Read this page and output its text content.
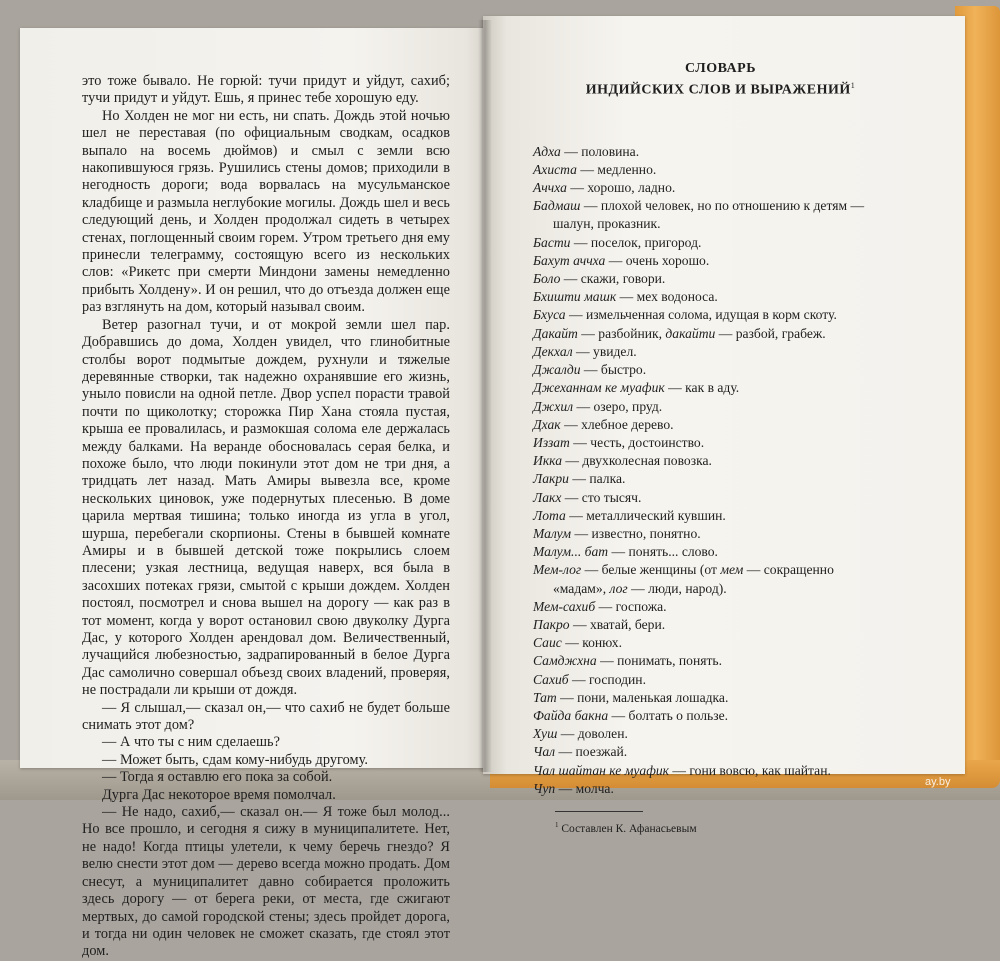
это тоже бывало. Не горюй: тучи придут и уйдут, сахиб; тучи придут и уйдут. Ешь, я принес тебе хорошую еду.

Но Холден не мог ни есть, ни спать. Дождь этой ночью шел не переставая (по официальным сводкам, осадков выпало на восемь дюймов) и смыл с земли всю накопившуюся грязь. Рушились стены домов; приходили в негодность дороги; вода ворвалась на мусульманское кладбище и размыла неглубокие могилы. Дождь шел и весь следующий день, и Холден продолжал сидеть в четырех стенах, поглощенный своим горем. Утром третьего дня ему принесли телеграмму, состоящую всего из нескольких слов: «Рикетс при смерти Миндони замены немедленно прибыть Холдену». И он решил, что до отъезда должен еще раз взглянуть на дом, который называл своим.

Ветер разогнал тучи, и от мокрой земли шел пар. Добравшись до дома, Холден увидел, что глинобитные столбы ворот подмытые дождем, рухнули и тяжелые деревянные створки, так надежно охранявшие его жизнь, уныло повисли на одной петле. Двор успел порасти травой почти по щиколотку; сторожка Пир Хана стояла пустая, крыша ее провалилась, и размокшая солома еле держалась между балками. На веранде обосновалась серая белка, и похоже было, что люди покинули этот дом не три дня, а тридцать лет назад. Мать Амиры вывезла все, кроме нескольких циновок, уже подернутых плесенью. В доме царила мертвая тишина; только иногда из угла в угол, шурша, перебегали скорпионы. Стены в бывшей комнате Амиры и в бывшей детской тоже покрылись слоем плесени; узкая лестница, ведущая наверх, вся была в засохших потеках грязи, смытой с крыши дождем. Холден постоял, посмотрел и снова вышел на дорогу — как раз в тот момент, когда у ворот остановил свою двуколку Дурга Дас, у которого Холден арендовал дом. Величественный, лучащийся любезностью, задрапированный в белое Дурга Дас самолично совершал объезд своих владений, проверяя, не пострадали ли крыши от дождя.

— Я слышал,— сказал он,— что сахиб не будет больше снимать этот дом?

— А что ты с ним сделаешь?

— Может быть, сдам кому-нибудь другому.

— Тогда я оставлю его пока за собой.

Дурга Дас некоторое время помолчал.

— Не надо, сахиб,— сказал он.— Я тоже был молод... Но все прошло, и сегодня я сижу в муниципалитете. Нет, не надо! Когда птицы улетели, к чему беречь гнездо? Я велю снести этот дом — дерево всегда можно продать. Дом снесут, а муниципалитет давно собирается проложить здесь дорогу — от берега реки, от места, где сжигают мертвых, до самой городской стены; здесь пройдет дорога, и тогда ни один человек не сможет сказать, где стоял этот дом.

СЛОВАРЬ
ИНДИЙСКИХ СЛОВ И ВЫРАЖЕНИЙ$^1$

Адха — половина.

Ахиста — медленно.

Аччха — хорошо, ладно.

Бадмаш — плохой человек, но по отношению к детям — шалун, проказник.

Басти — поселок, пригород.

Бахут аччха — очень хорошо.

Боло — скажи, говори.

Бхишти машк — мех водоноса.

Бхуса — измельченная солома, идущая в корм скоту.

Дакайт — разбойник, дакайти — разбой, грабеж.

Декхал — увидел.

Джалди — быстро.

Джеханнам ке муафик — как в аду.

Джхил — озеро, пруд.

Дхак — хлебное дерево.

Иззат — честь, достоинство.

Икка — двухколесная повозка.

Лакри — палка.

Лакх — сто тысяч.

Лота — металлический кувшин.

Малум — известно, понятно.

Малум... бат — понять... слово.

Мем-лог — белые женщины (от мем — сокращенно «мадам», лог — люди, народ).

Мем-сахиб — госпожа.

Пакро — хватай, бери.

Саис — конюх.

Самджхна — понимать, понять.

Сахиб — господин.

Тат — пони, маленькая лошадка.

Файда бакна — болтать о пользе.

Хуш — доволен.

Чал — поезжай.

Чал шайтан ке муафик — гони вовсю, как шайтан.

Чуп — молча.

$^1$ Составлен К. Афанасьевым
ay.by
